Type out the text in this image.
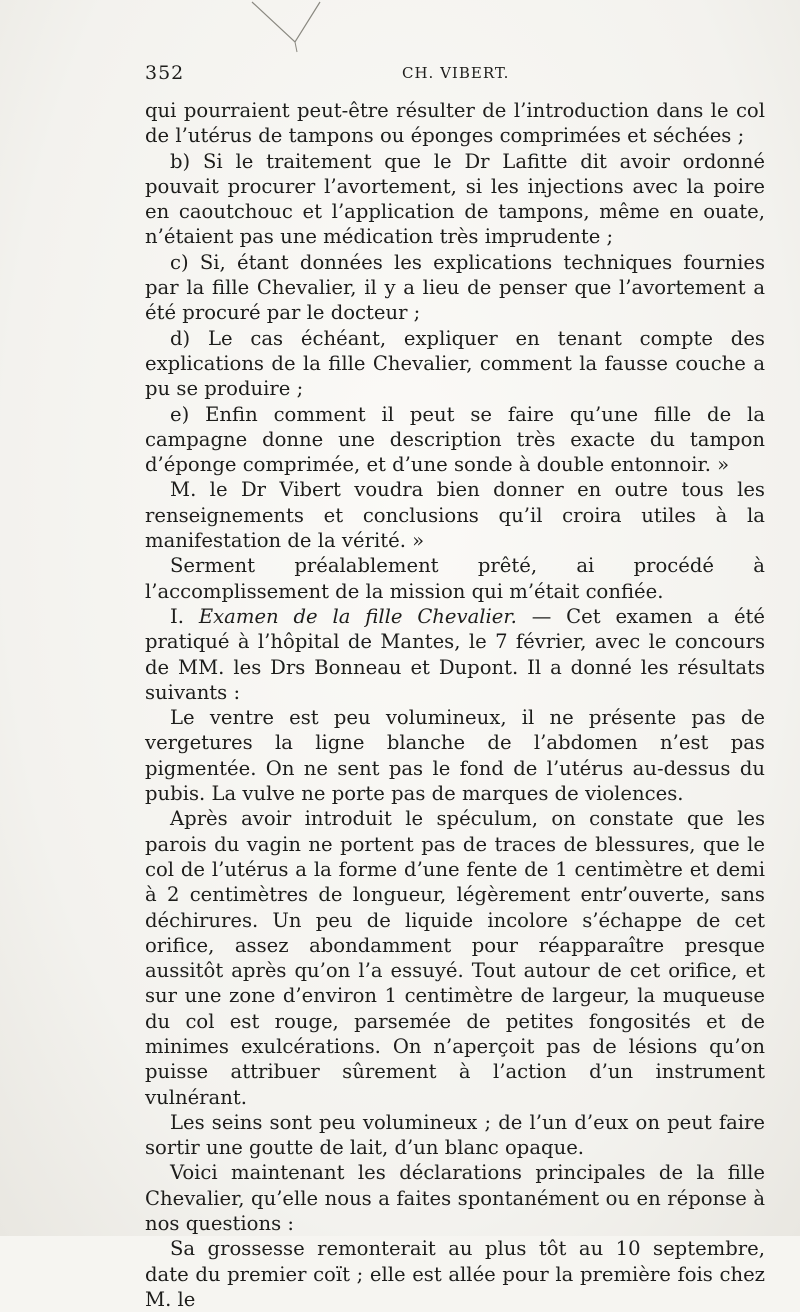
352	CH. VIBERT.

qui pourraient peut-être résulter de l’introduction dans le col de l’utérus de tampons ou éponges comprimées et séchées ;

b) Si le traitement que le Dr Lafitte dit avoir ordonné pouvait procurer l’avortement, si les injections avec la poire en caoutchouc et l’application de tampons, même en ouate, n’étaient pas une médication très imprudente ;

c) Si, étant données les explications techniques fournies par la fille Chevalier, il y a lieu de penser que l’avortement a été procuré par le docteur ;

d) Le cas échéant, expliquer en tenant compte des explications de la fille Chevalier, comment la fausse couche a pu se produire ;

e) Enfin comment il peut se faire qu’une fille de la campagne donne une description très exacte du tampon d’éponge comprimée, et d’une sonde à double entonnoir. »

M. le Dr Vibert voudra bien donner en outre tous les renseignements et conclusions qu’il croira utiles à la manifestation de la vérité. »

Serment préalablement prêté, ai procédé à l’accomplissement de la mission qui m’était confiée.

I. Examen de la fille Chevalier. — Cet examen a été pratiqué à l’hôpital de Mantes, le 7 février, avec le concours de MM. les Drs Bonneau et Dupont. Il a donné les résultats suivants :

Le ventre est peu volumineux, il ne présente pas de vergetures la ligne blanche de l’abdomen n’est pas pigmentée. On ne sent pas le fond de l’utérus au-dessus du pubis. La vulve ne porte pas de marques de violences.

Après avoir introduit le spéculum, on constate que les parois du vagin ne portent pas de traces de blessures, que le col de l’utérus a la forme d’une fente de 1 centimètre et demi à 2 centimètres de longueur, légèrement entr’ouverte, sans déchirures. Un peu de liquide incolore s’échappe de cet orifice, assez abondamment pour réapparaître presque aussitôt après qu’on l’a essuyé. Tout autour de cet orifice, et sur une zone d’environ 1 centimètre de largeur, la muqueuse du col est rouge, parsemée de petites fongosités et de minimes exulcérations. On n’aperçoit pas de lésions qu’on puisse attribuer sûrement à l’action d’un instrument vulnérant.

Les seins sont peu volumineux ; de l’un d’eux on peut faire sortir une goutte de lait, d’un blanc opaque.

Voici maintenant les déclarations principales de la fille Chevalier, qu’elle nous a faites spontanément ou en réponse à nos questions :

Sa grossesse remonterait au plus tôt au 10 septembre, date du premier coït ; elle est allée pour la première fois chez M. le
